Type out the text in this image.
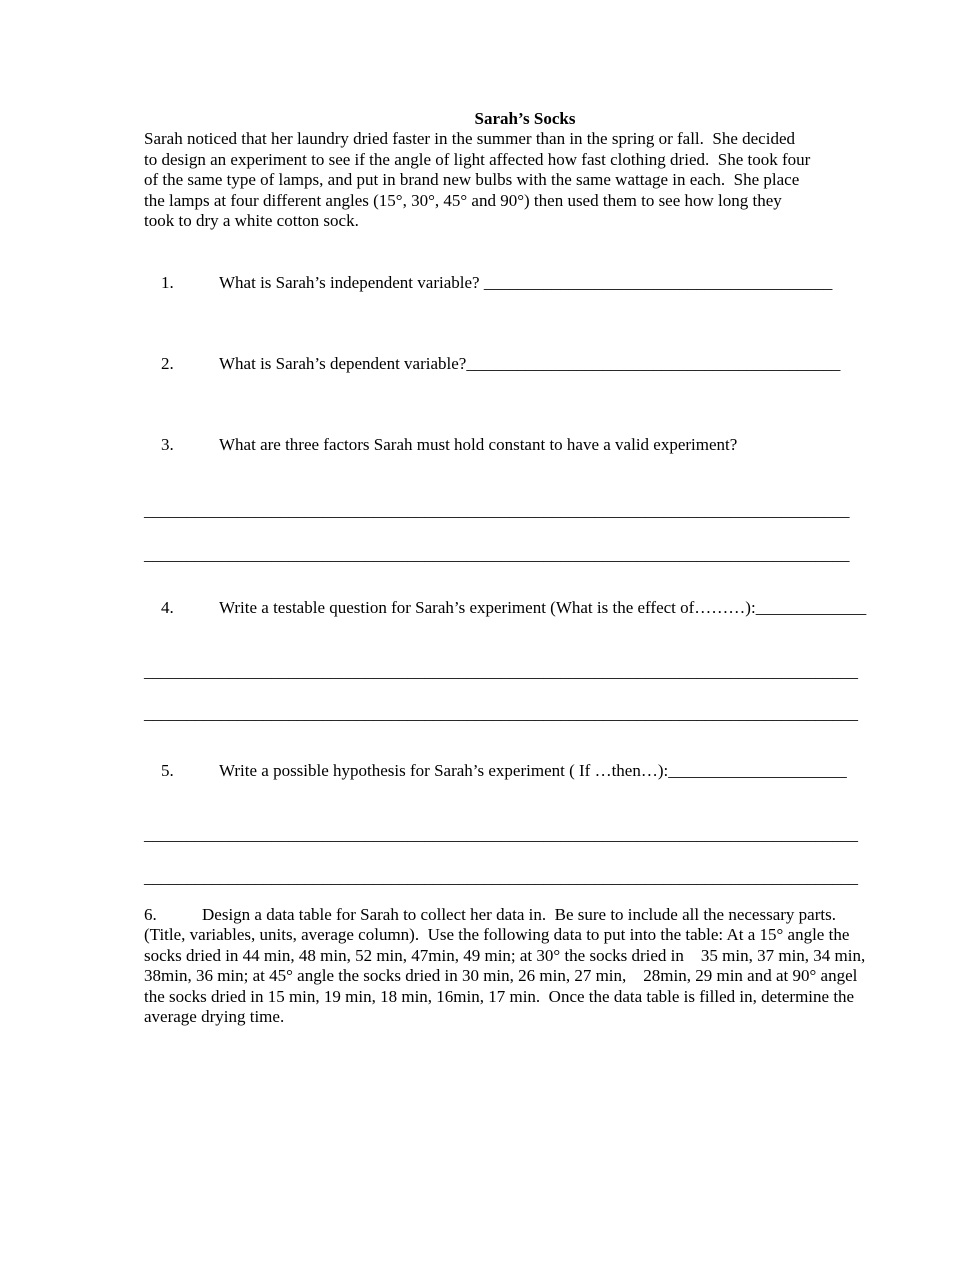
Sarah’s Socks
Sarah noticed that her laundry dried faster in the summer than in the spring or fall.  She decided
to design an experiment to see if the angle of light affected how fast clothing dried.  She took four
of the same type of lamps, and put in brand new bulbs with the same wattage in each.  She place
the lamps at four different angles (15°, 30°, 45° and 90°) then used them to see how long they
took to dry a white cotton sock.

1.	What is Sarah’s independent variable? _________________________________________

2.	What is Sarah’s dependent variable?____________________________________________

3.	What are three factors Sarah must hold constant to have a valid experiment?

___________________________________________________________________________________
___________________________________________________________________________________

4.	Write a testable question for Sarah’s experiment (What is the effect of………):_____________

____________________________________________________________________________________
____________________________________________________________________________________

5.	Write a possible hypothesis for Sarah’s experiment ( If …then…):_____________________

____________________________________________________________________________________
____________________________________________________________________________________
6.	Design a data table for Sarah to collect her data in.  Be sure to include all the necessary parts.
(Title, variables, units, average column).  Use the following data to put into the table: At a 15° angle the
socks dried in 44 min, 48 min, 52 min, 47min, 49 min; at 30° the socks dried in    35 min, 37 min, 34 min,
38min, 36 min; at 45° angle the socks dried in 30 min, 26 min, 27 min,    28min, 29 min and at 90° angel
the socks dried in 15 min, 19 min, 18 min, 16min, 17 min.  Once the data table is filled in, determine the
average drying time.
